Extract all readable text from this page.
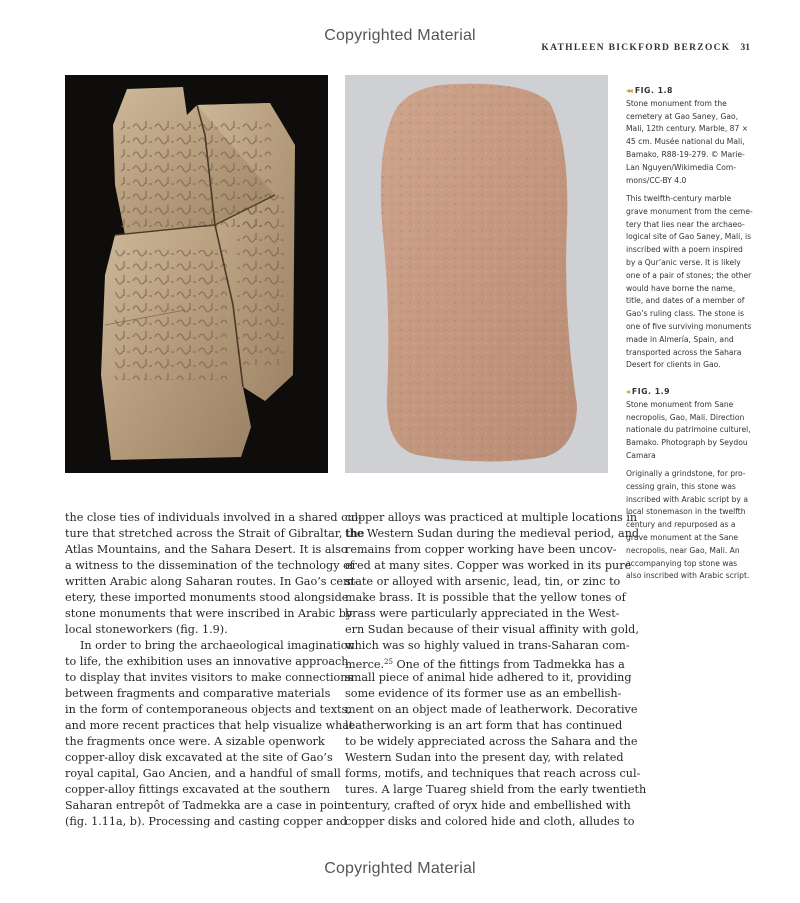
Copyrighted Material
KATHLEEN BICKFORD BERZOCK 31
◂◂ FIG. 1.8
Stone monument from the
cemetery at Gao Saney, Gao,
Mali, 12th century. Marble, 87 ×
45 cm. Musée national du Mali,
Bamako, R88-19-279. © Marie-
Lan Nguyen/Wikimedia Com-
mons/CC-BY 4.0
This twelfth-century marble
grave monument from the ceme-
tery that lies near the archaeo-
logical site of Gao Saney, Mali, is
inscribed with a poem inspired
by a Qur’anic verse. It is likely
one of a pair of stones; the other
would have borne the name,
title, and dates of a member of
Gao’s ruling class. The stone is
one of five surviving monuments
made in Almería, Spain, and
transported across the Sahara
Desert for clients in Gao.
◂ FIG. 1.9
Stone monument from Sane
necropolis, Gao, Mali. Direction
nationale du patrimoine culturel,
Bamako. Photograph by Seydou
Camara
Originally a grindstone, for pro-
cessing grain, this stone was
inscribed with Arabic script by a
local stonemason in the twelfth
century and repurposed as a
grave monument at the Sane
necropolis, near Gao, Mali. An
accompanying top stone was
also inscribed with Arabic script.
the close ties of individuals involved in a shared cul-
ture that stretched across the Strait of Gibraltar, the
Atlas Mountains, and the Sahara Desert. It is also
a witness to the dissemination of the technology of
written Arabic along Saharan routes. In Gao’s cem-
etery, these imported monuments stood alongside
stone monuments that were inscribed in Arabic by
local stoneworkers (fig. 1.9).
In order to bring the archaeological imagination
to life, the exhibition uses an innovative approach
to display that invites visitors to make connections
between fragments and comparative materials
in the form of contemporaneous objects and texts,
and more recent practices that help visualize what
the fragments once were. A sizable openwork
copper-alloy disk excavated at the site of Gao’s
royal capital, Gao Ancien, and a handful of small
copper-alloy fittings excavated at the southern
Saharan entrepôt of Tadmekka are a case in point
(fig. 1.11a, b). Processing and casting copper and
copper alloys was practiced at multiple locations in
the Western Sudan during the medieval period, and
remains from copper working have been uncov-
ered at many sites. Copper was worked in its pure
state or alloyed with arsenic, lead, tin, or zinc to
make brass. It is possible that the yellow tones of
brass were particularly appreciated in the West-
ern Sudan because of their visual affinity with gold,
which was so highly valued in trans-Saharan com-
merce.$^{25}$ One of the fittings from Tadmekka has a
small piece of animal hide adhered to it, providing
some evidence of its former use as an embellish-
ment on an object made of leatherwork. Decorative
leatherworking is an art form that has continued
to be widely appreciated across the Sahara and the
Western Sudan into the present day, with related
forms, motifs, and techniques that reach across cul-
tures. A large Tuareg shield from the early twentieth
century, crafted of oryx hide and embellished with
copper disks and colored hide and cloth, alludes to
Copyrighted Material
